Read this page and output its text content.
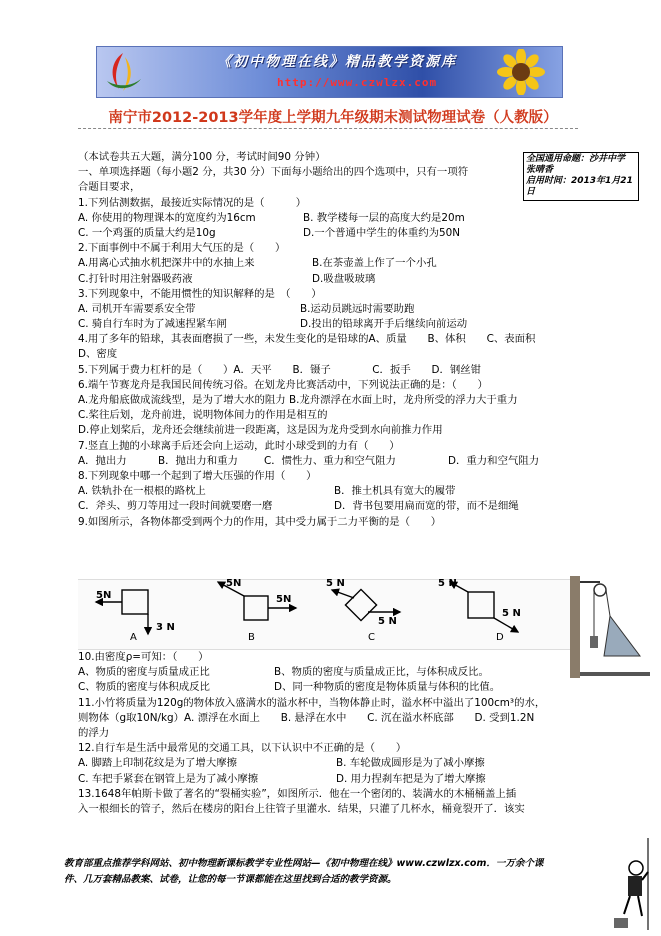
《初中物理在线》精品教学资源库
http://www.czwlzx.com
南宁市2012-2013学年度上学期九年级期末测试物理试卷（人教版）
全国通用命题：沙井中学 张晴香
启用时间：2013年1月21日
（本试卷共五大题，满分100 分，考试时间90 分钟）
一、单项选择题（每小题2 分，共30 分）下面每小题给出的四个选项中，只有一项符
合题目要求，
1.下列估测数据，最接近实际情况的是（　　　）
A. 你使用的物理课本的宽度约为16cm	B. 教学楼每一层的高度大约是20m
C. 一个鸡蛋的质量大约是10g	D.一个普通中学生的体重约为50N
2.下面事例中不属于利用大气压的是（　　）
A.用离心式抽水机把深井中的水抽上来	B.在茶壶盖上作了一个小孔
C.打针时用注射器吸药液	D.吸盘吸玻璃
3.下列现象中，不能用惯性的知识解释的是　（　　）
A. 司机开车需要系安全带	B.运动员跳远时需要助跑
C. 骑自行车时为了减速捏紧车闸	D.投出的铅球离开手后继续向前运动
4.用了多年的铅球，其表面磨损了一些，未发生变化的是铅球的A、质量　　B、体积　　C、表面积
D、密度
5.下列属于费力杠杆的是（　　）A．天平　　B．镊子　　　　C．扳手　　D．钢丝钳
6.端午节赛龙舟是我国民间传统习俗。在划龙舟比赛活动中，下列说法正确的是：（　　）
A.龙舟船底做成流线型，是为了增大水的阻力 B.龙舟漂浮在水面上时，龙舟所受的浮力大于重力
C.桨往后划，龙舟前进，说明物体间力的作用是相互的
D.停止划桨后，龙舟还会继续前进一段距离，这是因为龙舟受到水向前推力作用
7.竖直上抛的小球离手后还会向上运动，此时小球受到的力有（　　）
A．抛出力	B．抛出力和重力	C．惯性力、重力和空气阻力	D．重力和空气阻力
8.下列现象中哪一个起到了增大压强的作用（　　）
A. 铁轨扑在一根根的路枕上	B．推土机具有宽大的履带
C．斧头、剪刀等用过一段时间就要磨一磨	D．背书包要用扁而宽的带，而不是细绳
9.如图所示，各物体都受到两个力的作用，其中受力属于二力平衡的是（　　）
5N
3 N
5N
5N
5 N
5 N
5 N
5 N
A	B	C	D
10.由密度ρ=可知：（　　）
A、物质的密度与质量成正比	B、物质的密度与质量成正比，与体积成反比。
C、物质的密度与体积成反比	D、同一种物质的密度是物体质量与体积的比值。
11.小竹将质量为120g的物体放入盛满水的溢水杯中，当物体静止时，溢水杯中溢出了100cm³的水，
则物体（g取10N/kg）A. 漂浮在水面上　　B. 悬浮在水中　　C. 沉在溢水杯底部　　D. 受到1.2N
的浮力
12.自行车是生活中最常见的交通工具，以下认识中不正确的是（　　）
A. 脚踏上印制花纹是为了增大摩擦	B. 车轮做成圆形是为了减小摩擦
C. 车把手紧套在钢管上是为了减小摩擦	D. 用力捏刹车把是为了增大摩擦
13.1648年帕斯卡做了著名的“裂桶实验”，如图所示．他在一个密闭的、装满水的木桶桶盖上插
入一根细长的管子，然后在楼房的阳台上往管子里灌水．结果，只灌了几杯水，桶竟裂开了．该实
教育部重点推荐学科网站、初中物理新课标教学专业性网站—《初中物理在线》www.czwlzx.com．一万余个课
件、几万套精品教案、试卷，让您的每一节课都能在这里找到合适的教学资源。
